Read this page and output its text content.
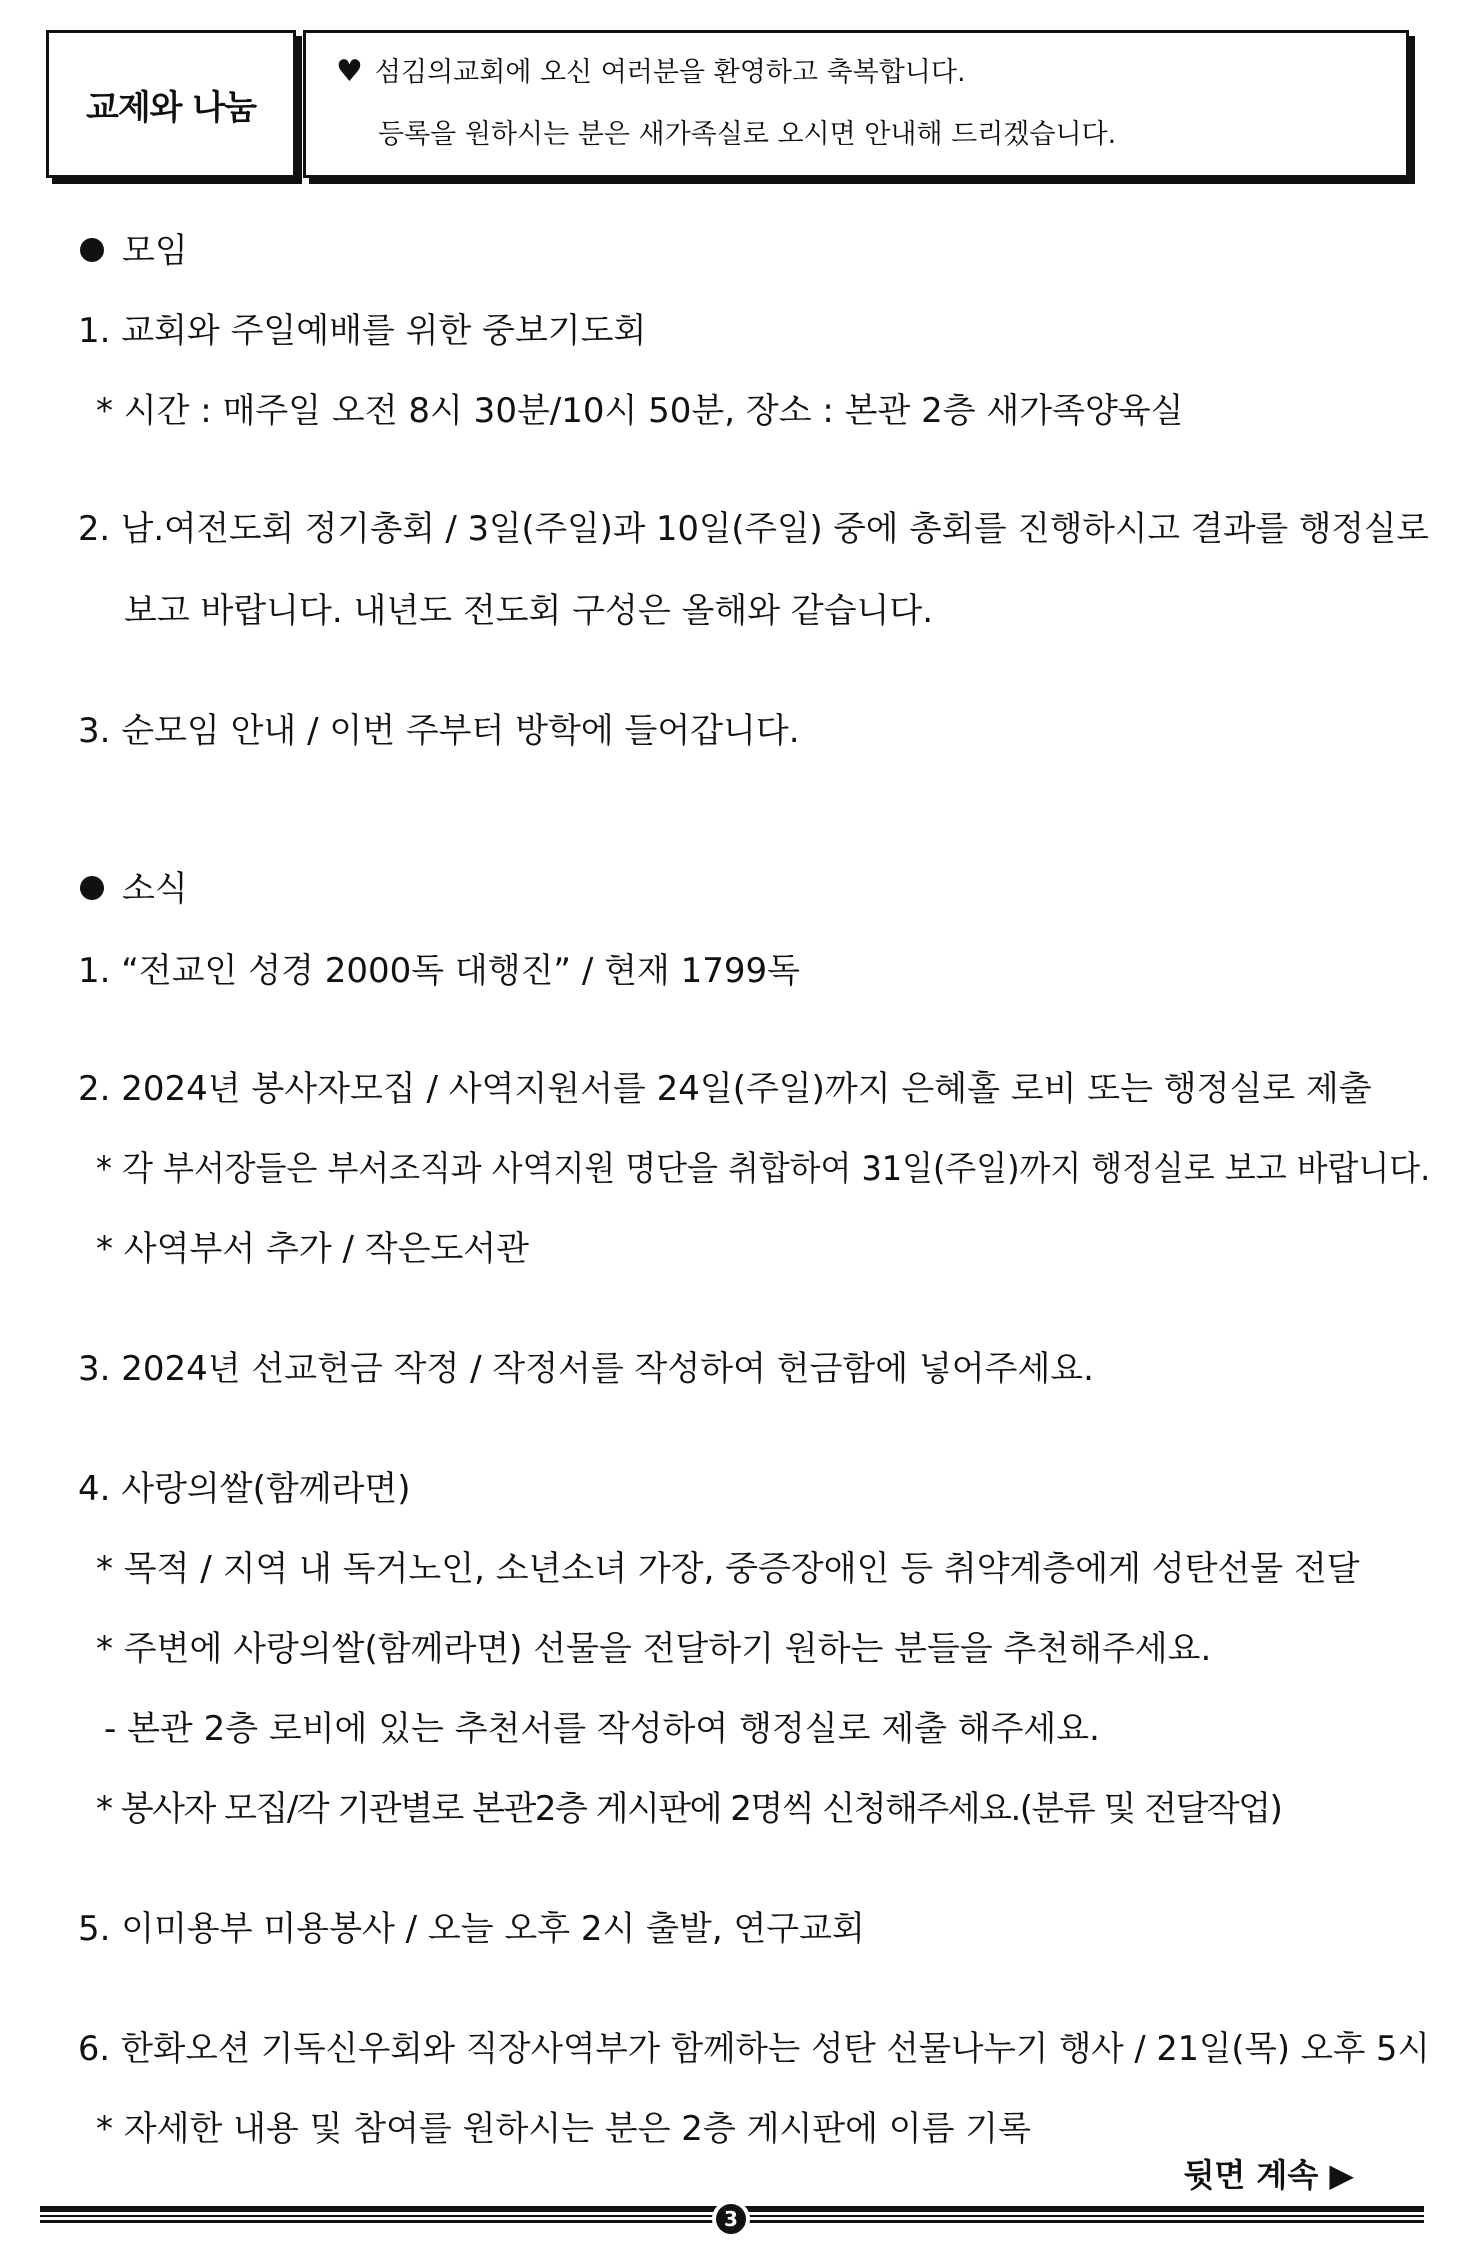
교제와 나눔
♥ 섬김의교회에 오신 여러분을 환영하고 축복합니다.
등록을 원하시는 분은 새가족실로 오시면 안내해 드리겠습니다.
모임
1. 교회와 주일예배를 위한 중보기도회
* 시간 : 매주일 오전 8시 30분/10시 50분, 장소 : 본관 2층 새가족양육실
2. 남.여전도회 정기총회 / 3일(주일)과 10일(주일) 중에 총회를 진행하시고 결과를 행정실로
보고 바랍니다. 내년도 전도회 구성은 올해와 같습니다.
3. 순모임 안내 / 이번 주부터 방학에 들어갑니다.
소식
1. “전교인 성경 2000독 대행진” / 현재 1799독
2. 2024년 봉사자모집 / 사역지원서를 24일(주일)까지 은혜홀 로비 또는 행정실로 제출
* 각 부서장들은 부서조직과 사역지원 명단을 취합하여 31일(주일)까지 행정실로 보고 바랍니다.
* 사역부서 추가 / 작은도서관
3. 2024년 선교헌금 작정 / 작정서를 작성하여 헌금함에 넣어주세요.
4. 사랑의쌀(함께라면)
* 목적 / 지역 내 독거노인, 소년소녀 가장, 중증장애인 등 취약계층에게 성탄선물 전달
* 주변에 사랑의쌀(함께라면) 선물을 전달하기 원하는 분들을 추천해주세요.
- 본관 2층 로비에 있는 추천서를 작성하여 행정실로 제출 해주세요.
* 봉사자 모집/각 기관별로 본관2층 게시판에 2명씩 신청해주세요.(분류 및 전달작업)
5. 이미용부 미용봉사 / 오늘 오후 2시 출발, 연구교회
6. 한화오션 기독신우회와 직장사역부가 함께하는 성탄 선물나누기 행사 / 21일(목) 오후 5시
* 자세한 내용 및 참여를 원하시는 분은 2층 게시판에 이름 기록
뒷면 계속 ▶
3
